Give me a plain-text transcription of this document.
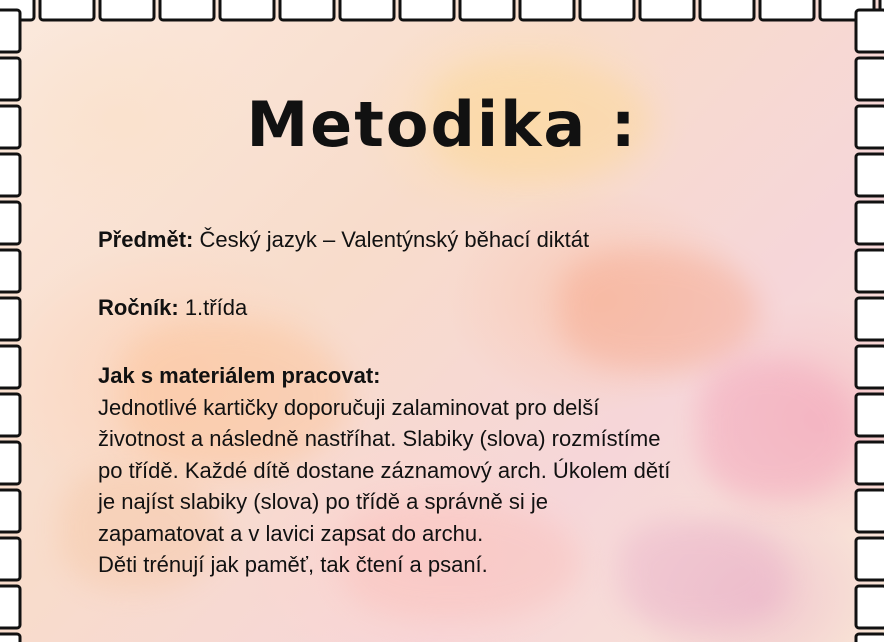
Metodika :
Předmět: Český jazyk – Valentýnský běhací diktát
Ročník: 1.třída
Jak s materiálem pracovat:
Jednotlivé kartičky doporučuji zalaminovat pro delší
životnost a následně nastříhat. Slabiky (slova) rozmístíme
po třídě. Každé dítě dostane záznamový arch. Úkolem dětí
je najíst slabiky (slova) po třídě a správně si je
zapamatovat a v lavici zapsat do archu.
Děti trénují jak paměť, tak čtení a psaní.
